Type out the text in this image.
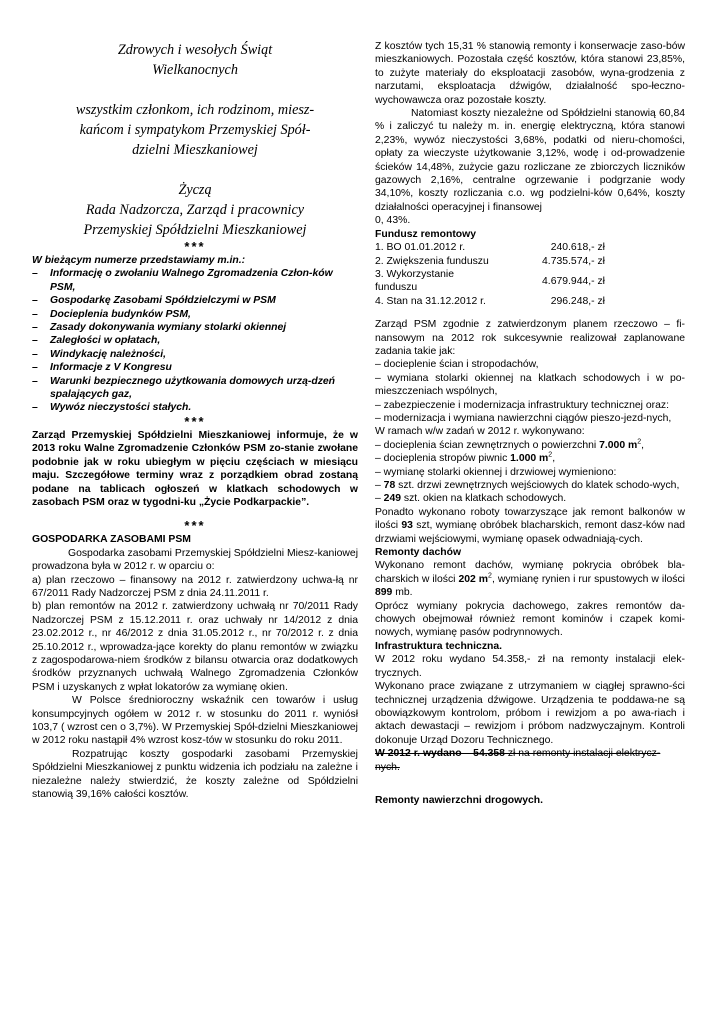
Zdrowych i wesołych Świąt

Wielkanocnych

wszystkim członkom, ich rodzinom, miesz-

kańcom i sympatykom Przemyskiej Spół-

dzielni Mieszkaniowej

Życzą

Rada Nadzorcza, Zarząd i pracownicy

Przemyskiej Spółdzielni Mieszkaniowej

***

W bieżącym numerze przedstawiamy m.in.:

– Informację o zwołaniu Walnego Zgromadzenia Człon-ków PSM,
– Gospodarkę Zasobami Spółdzielczymi w PSM
– Docieplenia budynków PSM,
– Zasady dokonywania wymiany stolarki okiennej
– Zaległości w opłatach,
– Windykację należności,
– Informacje z V Kongresu
– Warunki bezpiecznego użytkowania domowych urzą-dzeń spalających gaz,
– Wywóz nieczystości stałych.
***

Zarząd Przemyskiej Spółdzielni Mieszkaniowej informuje, że w 2013 roku Walne Zgromadzenie Członków PSM zo-stanie zwołane podobnie jak w roku ubiegłym w pięciu częściach w miesiącu maju. Szczegółowe terminy wraz z porządkiem obrad zostaną podane na tablicach ogłoszeń w klatkach schodowych w zasobach PSM oraz w tygodni-ku „Życie Podkarpackie”.

***

GOSPODARKA ZASOBAMI PSM

Gospodarka zasobami Przemyskiej Spółdzielni Miesz-kaniowej prowadzona była w 2012 r. w oparciu o:

a) plan rzeczowo – finansowy na 2012 r. zatwierdzony uchwa-łą nr 67/2011 Rady Nadzorczej PSM z dnia 24.11.2011 r.

b) plan remontów na 2012 r. zatwierdzony uchwałą nr 70/2011 Rady Nadzorczej PSM z 15.12.2011 r. oraz uchwały nr 14/2012 z dnia 23.02.2012 r., nr 46/2012 z dnia 31.05.2012 r., nr 70/2012 r. z dnia 25.10.2012 r., wprowadza-jące korekty do planu remontów w związku z zagospodarowa-niem środków z bilansu otwarcia oraz dodatkowych środków przyznanych uchwałą Walnego Zgromadzenia Członków PSM i uzyskanych z wpłat lokatorów za wymianę okien.

W Polsce średnioroczny wskaźnik cen towarów i usług konsumpcyjnych ogółem w 2012 r. w stosunku do 2011 r. wyniósł 103,7 ( wzrost cen o 3,7%). W Przemyskiej Spół-dzielni Mieszkaniowej w 2012 roku nastąpił 4% wzrost kosz-tów w stosunku do roku 2011.

Rozpatrując koszty gospodarki zasobami Przemyskiej Spółdzielni Mieszkaniowej z punktu widzenia ich podziału na zależne i niezależne należy stwierdzić, że koszty zależne od Spółdzielni stanowią 39,16% całości kosztów.

Z kosztów tych 15,31 % stanowią remonty i konserwacje zaso-bów mieszkaniowych. Pozostała część kosztów, która stanowi 23,85%, to zużyte materiały do eksploatacji zasobów, wyna-grodzenia z narzutami, eksploatacja dźwigów, działalność spo-łeczno-wychowawcza oraz pozostałe koszty.

Natomiast koszty niezależne od Spółdzielni stanowią 60,84 % i zaliczyć tu należy m. in. energię elektryczną, która stanowi 2,23%, wywóz nieczystości 3,68%, podatki od nieru-chomości, opłaty za wieczyste użytkowanie 3,12%, wodę i od-prowadzenie ścieków 14,48%, zużycie gazu rozliczane ze zbiorczych liczników gazowych 2,16%, centralne ogrzewanie i podgrzanie wody 34,10%, koszty rozliczania c.o. wg podzielni-ków 0,64%, koszty działalności operacyjnej i finansowej

0, 43%.

Fundusz remontowy

1. BO 01.01.2012 r.	240.618,- zł
2. Zwiększenia funduszu	4.735.574,- zł
3. Wykorzystanie funduszu	4.679.944,- zł
4. Stan na 31.12.2012 r.	296.248,- zł

Zarząd PSM zgodnie z zatwierdzonym planem rzeczowo – fi-nansowym na 2012 rok sukcesywnie realizował zaplanowane zadania takie jak:

– docieplenie ścian i stropodachów,

– wymiana stolarki okiennej na klatkach schodowych i w po-mieszczeniach wspólnych,

– zabezpieczenie i modernizacja infrastruktury technicznej oraz:

– modernizacja i wymiana nawierzchni ciągów pieszo-jezd-nych,

W ramach w/w zadań w 2012 r. wykonywano:

– docieplenia ścian zewnętrznych o powierzchni 7.000 $m^2$,

– docieplenia stropów piwnic 1.000 $m^2$,

– wymianę stolarki okiennej i drzwiowej wymieniono:

– 78 szt. drzwi zewnętrznych wejściowych do klatek schodo-wych,

– 249 szt. okien na klatkach schodowych.

Ponadto wykonano roboty towarzyszące jak remont balkonów w ilości 93 szt, wymianę obróbek blacharskich, remont dasz-ków nad drzwiami wejściowymi, wymianę opasek odwadniają-cych.

Remonty dachów

Wykonano remont dachów, wymianę pokrycia obróbek bla-charskich w ilości 202 $m^2$, wymianę rynien i rur spustowych w ilości 899 mb.

Oprócz wymiany pokrycia dachowego, zakres remontów da-chowych obejmował również remont kominów i czapek komi-nowych, wymianę pasów podrynnowych.

Infrastruktura techniczna.

W 2012 roku wydano 54.358,- zł na remonty instalacji elek-trycznych.

Wykonano prace związane z utrzymaniem w ciągłej sprawno-ści technicznej urządzenia dźwigowe. Urządzenia te poddawa-ne są obowiązkowym kontrolom, próbom i rewizjom a po awa-riach i aktach dewastacji – rewizjom i próbom nadzwyczajnym. Kontroli dokonuje Urząd Dozoru Technicznego.

W 2012 r. wydano – 54.358 zł na remonty instalacji elektrycz-nych.

Remonty nawierzchni drogowych.
